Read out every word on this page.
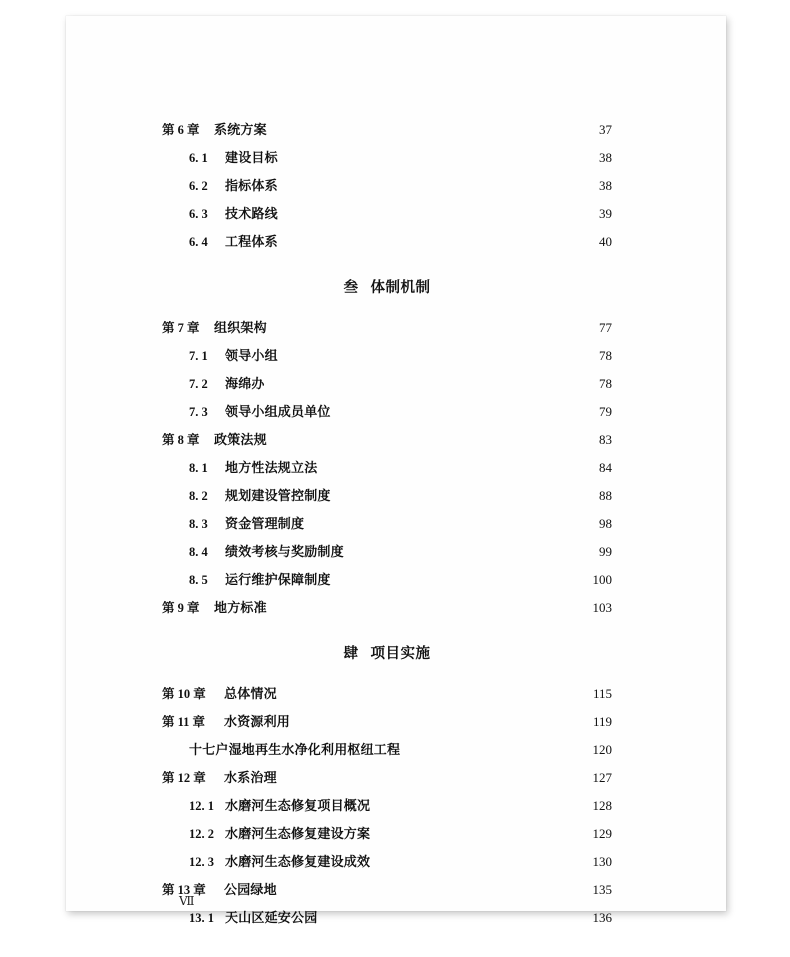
第 6 章	系统方案 ·····	37
6. 1	建设目标 ·····	38
6. 2	指标体系 ·····	38
6. 3	技术路线 ·····	39
6. 4	工程体系 ·····	40
叁 体制机制
第 7 章	组织架构 ·····	77
7. 1	领导小组 ·····	78
7. 2	海绵办 ·····	78
7. 3	领导小组成员单位 ·····	79
第 8 章	政策法规 ·····	83
8. 1	地方性法规立法 ·····	84
8. 2	规划建设管控制度 ·····	88
8. 3	资金管理制度 ·····	98
8. 4	绩效考核与奖励制度 ·····	99
8. 5	运行维护保障制度 ·····	100
第 9 章	地方标准 ·····	103
肆 项目实施
第 10 章	总体情况 ·····	115
第 11 章	水资源利用 ·····	119
十七户湿地再生水净化利用枢纽工程 ·····	120
第 12 章	水系治理 ·····	127
12. 1 水磨河生态修复项目概况 ·····	128
12. 2 水磨河生态修复建设方案 ·····	129
12. 3 水磨河生态修复建设成效 ·····	130
第 13 章	公园绿地 ·····	135
13. 1 天山区延安公园 ·····	136
Ⅶ
